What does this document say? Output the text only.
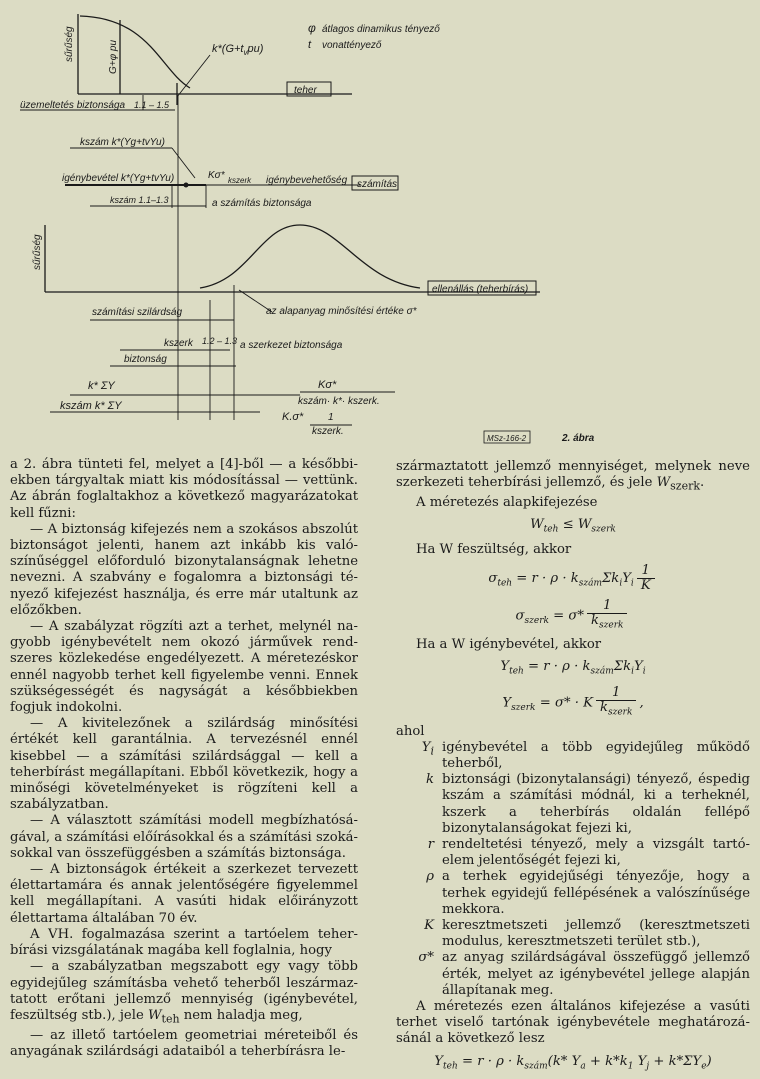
φ átlagos dinamikus tényező
t vonattényező
sűrűség	G+φ pu	$k*(G+t_vpu)$
teher
üzemeltetés biztonsága 1.1 – 1.5
kszám k*(Yg+tvYu)
igénybevétel k*(Yg+tvYu)	Kσ* kszerk igénybevehetőség számítás
kszám 1.1–1.3	a számítás biztonsága
sűrűség
ellenállás (teherbírás)
számítási szilárdság	az alapanyag minősítési értéke σ*
kszerk 1.2 – 1.3 a szerkezet biztonsága
biztonság
k* ΣY
kszám k* ΣY
Kσ*
kszám· k*· kszerk.
K.σ* 1
kszerk.
MSz-166-2	2. ábra

a 2. ábra tünteti fel, melyet a [4]-ből — a későbbiekben tárgyaltak miatt kis módosítással — vettünk. Az ábrán foglaltakhoz a következő magyarázatokat kell fűzni:

— A biztonság kifejezés nem a szokásos abszolút biztonságot jelenti, hanem azt inkább kis valószínűséggel előforduló bizonytalanságnak lehetne nevezni. A szabvány e fogalomra a biztonsági tényező kifejezést használja, és erre már utaltunk az előzőkben.

— A szabályzat rögzíti azt a terhet, melynél nagyobb igénybevételt nem okozó járművek rendszeres közlekedése engedélyezett. A méretezéskor ennél nagyobb terhet kell figyelembe venni. Ennek szükségességét és nagyságát a későbbiekben fogjuk indokolni.

— A kivitelezőnek a szilárdság minősítési értékét kell garantálnia. A tervezésnél ennél kisebbel — a számítási szilárdsággal — kell a teherbírást megállapítani. Ebből következik, hogy a minőségi követelményeket is rögzíteni kell a szabályzatban.

— A választott számítási modell megbízhatóságával, a számítási előírásokkal és a számítási szokásokkal van összefüggésben a számítás biztonsága.

— A biztonságok értékeit a szerkezet tervezett élettartamára és annak jelentőségére figyelemmel kell megállapítani. A vasúti hidak előirányzott élettartama általában 70 év.

A VH. fogalmazása szerint a tartóelem teherbírási vizsgálatának magába kell foglalnia, hogy

— a szabályzatban megszabott egy vagy több egyidejűleg számításba vehető teherből leszármaztatott erőtani jellemző mennyiség (igénybevétel, feszültség stb.), jele $W_{teh}$ nem haladja meg,

— az illető tartóelem geometriai méreteiből és anyagának szilárdsági adataiból a teherbírásra le-

származtatott jellemző mennyiséget, melynek neve szerkezeti teherbírási jellemző, és jele $W_{szerk}$.

A méretezés alapkifejezése

$W_{teh} \le W_{szerk}$

Ha W feszültség, akkor

$\sigma_{teh} = r \cdot \rho \cdot k_{szám}\Sigma k_iY_i \frac{1}{K}$
$\sigma_{szerk} = \sigma* \frac{1}{k_{szerk}}$

Ha a W igénybevétel, akkor

$Y_{teh} = r \cdot \rho \cdot k_{szám}\Sigma k_iY_i$
$Y_{szerk} = \sigma* \cdot K \frac{1}{k_{szerk}}$ ,
ahol	
$Y_i$	igénybevétel a több egyidejűleg működő teherből,
k	biztonsági (bizonytalansági) tényező, éspedig kszám a számítási módnál, ki a terheknél, kszerk a teherbírás oldalán fellépő bizonytalanságokat fejezi ki,
r	rendeltetési tényező, mely a vizsgált tartóelem jelentőségét fejezi ki,
ρ	a terhek egyidejűségi tényezője, hogy a terhek egyidejű fellépésének a valószínűsége mekkora.
K	keresztmetszeti jellemző (keresztmetszeti modulus, keresztmetszeti terület stb.),
σ*	az anyag szilárdságával összefüggő jellemző érték, melyet az igénybevétel jellege alapján állapítanak meg.

A méretezés ezen általános kifejezése a vasúti terhet viselő tartónak igénybevétele meghatározásánál a következő lesz

$Y_{teh} = r \cdot \rho \cdot k_{szám}(k*$ $Y_a + k*k_1$ $Y_j + k*\Sigma Y_e$)
